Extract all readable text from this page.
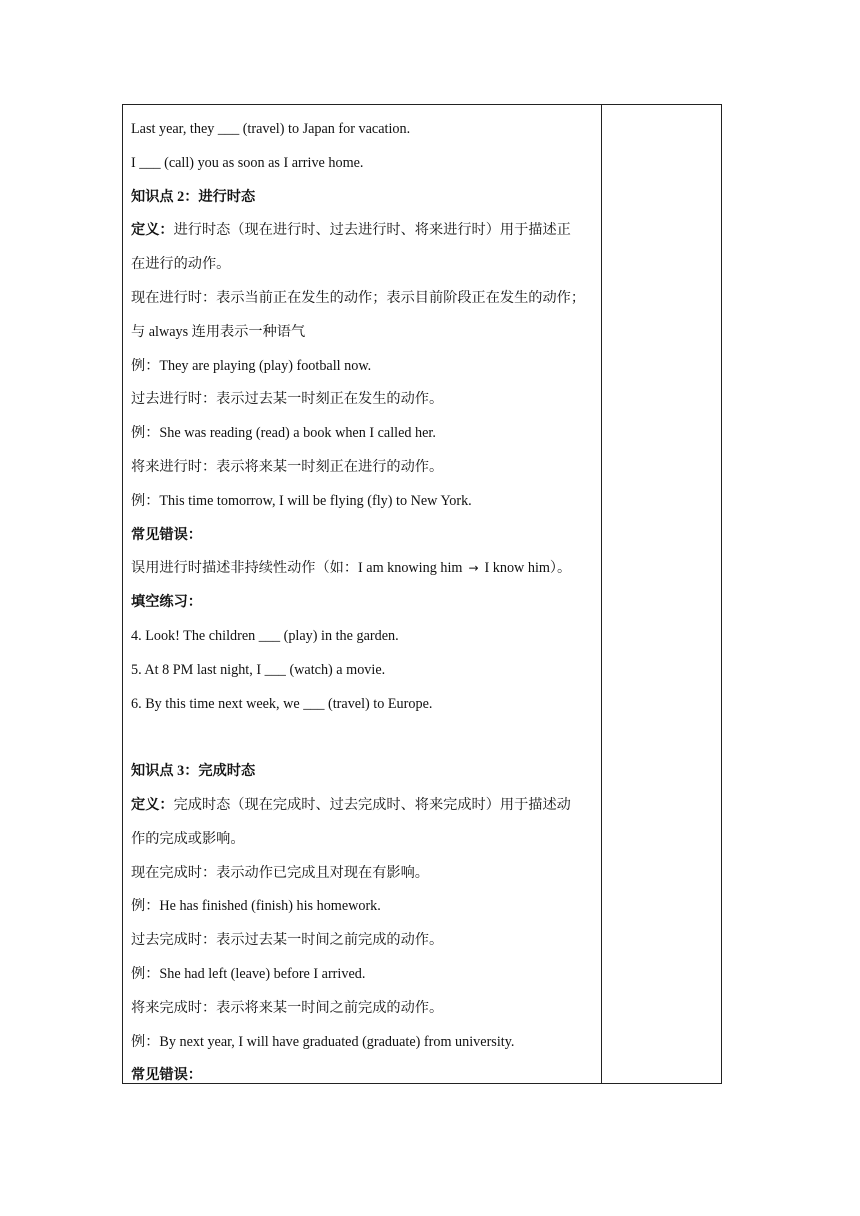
Last year, they ___ (travel) to Japan for vacation.
I ___ (call) you as soon as I arrive home.
知识点 2：进行时态
定义：进行时态（现在进行时、过去进行时、将来进行时）用于描述正
在进行的动作。
现在进行时：表示当前正在发生的动作；表示目前阶段正在发生的动作；
与 always 连用表示一种语气
例：They are playing (play) football now.
过去进行时：表示过去某一时刻正在发生的动作。
例：She was reading (read) a book when I called her.
将来进行时：表示将来某一时刻正在进行的动作。
例：This time tomorrow, I will be flying (fly) to New York.
常见错误：
误用进行时描述非持续性动作（如：I am knowing him → I know him）。
填空练习：
4. Look! The children ___ (play) in the garden.
5. At 8 PM last night, I ___ (watch) a movie.
6. By this time next week, we ___ (travel) to Europe.
知识点 3：完成时态
定义：完成时态（现在完成时、过去完成时、将来完成时）用于描述动
作的完成或影响。
现在完成时：表示动作已完成且对现在有影响。
例：He has finished (finish) his homework.
过去完成时：表示过去某一时间之前完成的动作。
例：She had left (leave) before I arrived.
将来完成时：表示将来某一时间之前完成的动作。
例：By next year, I will have graduated (graduate) from university.
常见错误：
